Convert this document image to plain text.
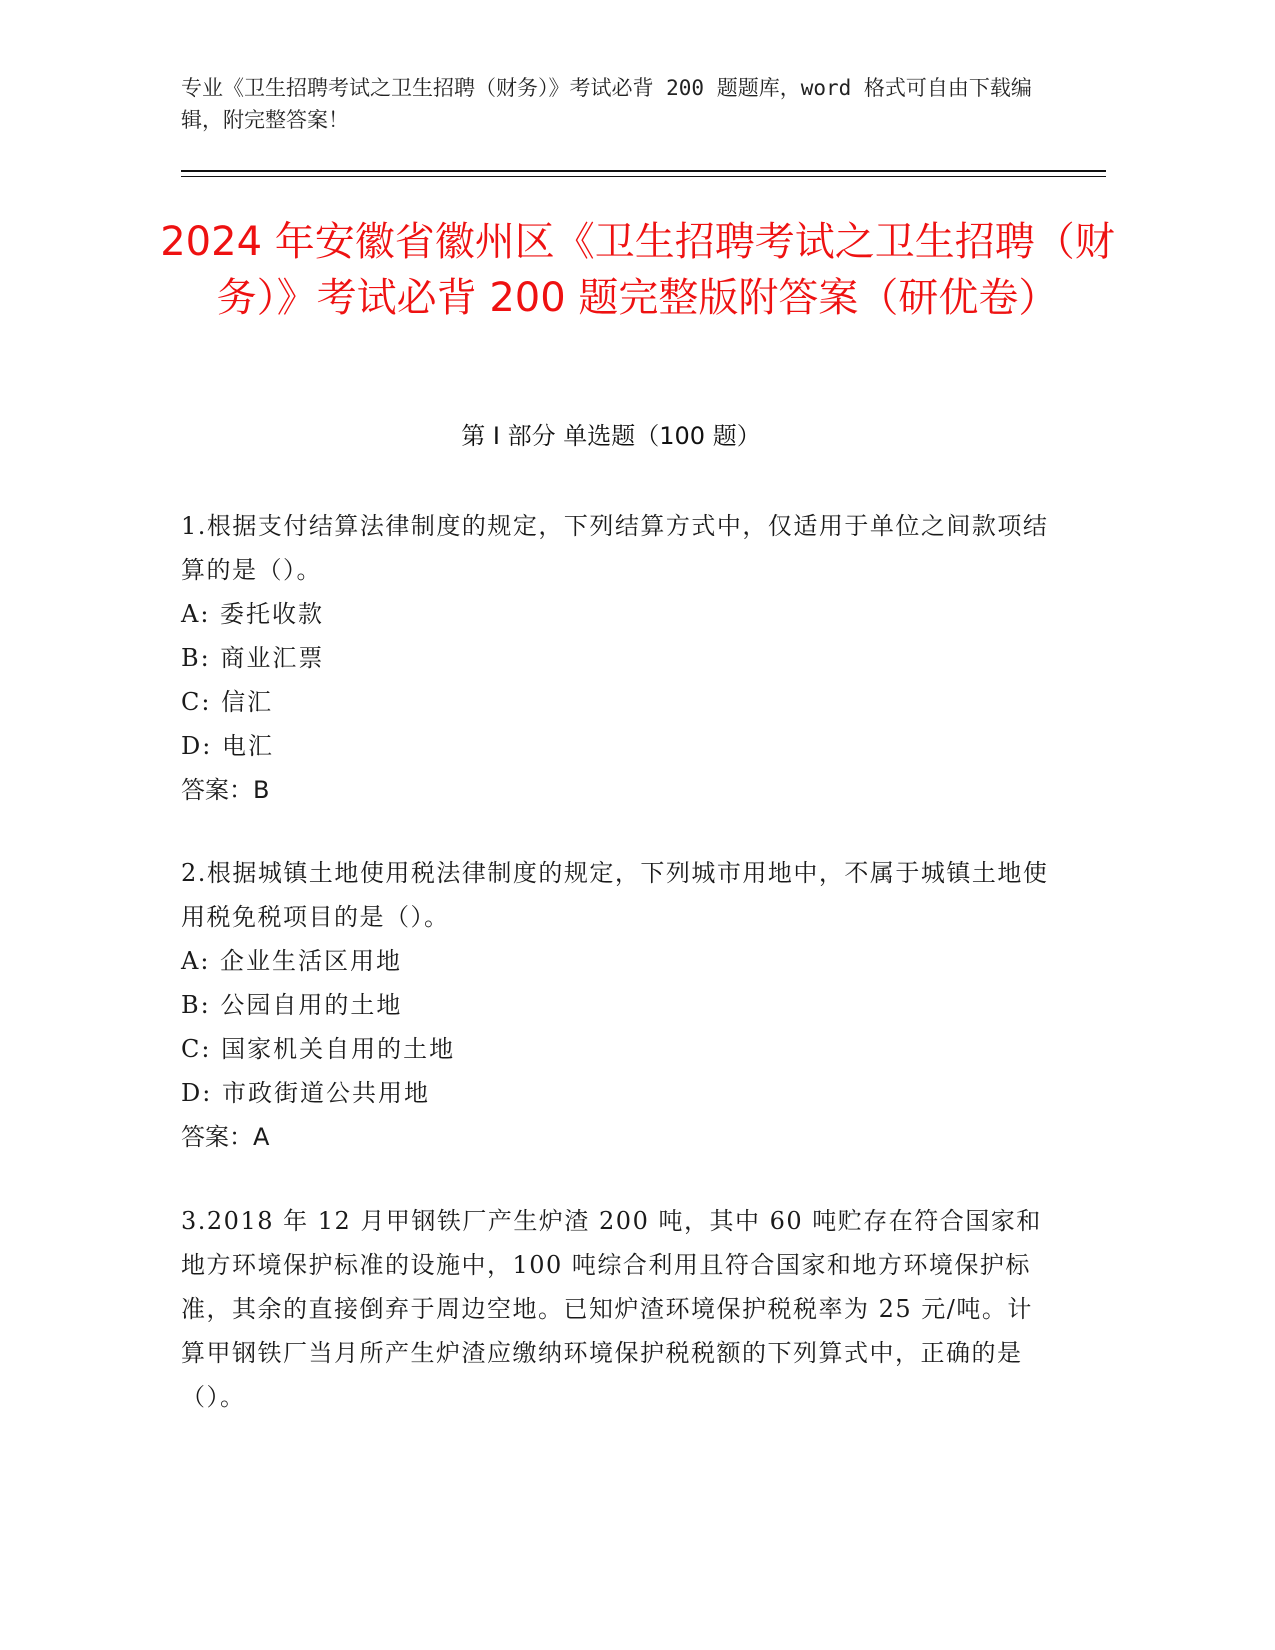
专业《卫生招聘考试之卫生招聘（财务）》考试必背 200 题题库，word 格式可自由下载编辑，附完整答案！
2024 年安徽省徽州区《卫生招聘考试之卫生招聘（财务）》考试必背 200 题完整版附答案（研优卷）
第 I 部分 单选题（100 题）
1.根据支付结算法律制度的规定，下列结算方式中，仅适用于单位之间款项结算的是（）。
A: 委托收款
B: 商业汇票
C: 信汇
D: 电汇
答案：B
2.根据城镇土地使用税法律制度的规定，下列城市用地中，不属于城镇土地使用税免税项目的是（）。
A: 企业生活区用地
B: 公园自用的土地
C: 国家机关自用的土地
D: 市政街道公共用地
答案：A
3.2018 年 12 月甲钢铁厂产生炉渣 200 吨，其中 60 吨贮存在符合国家和地方环境保护标准的设施中，100 吨综合利用且符合国家和地方环境保护标准，其余的直接倒弃于周边空地。已知炉渣环境保护税税率为 25 元/吨。计算甲钢铁厂当月所产生炉渣应缴纳环境保护税税额的下列算式中，正确的是（）。
